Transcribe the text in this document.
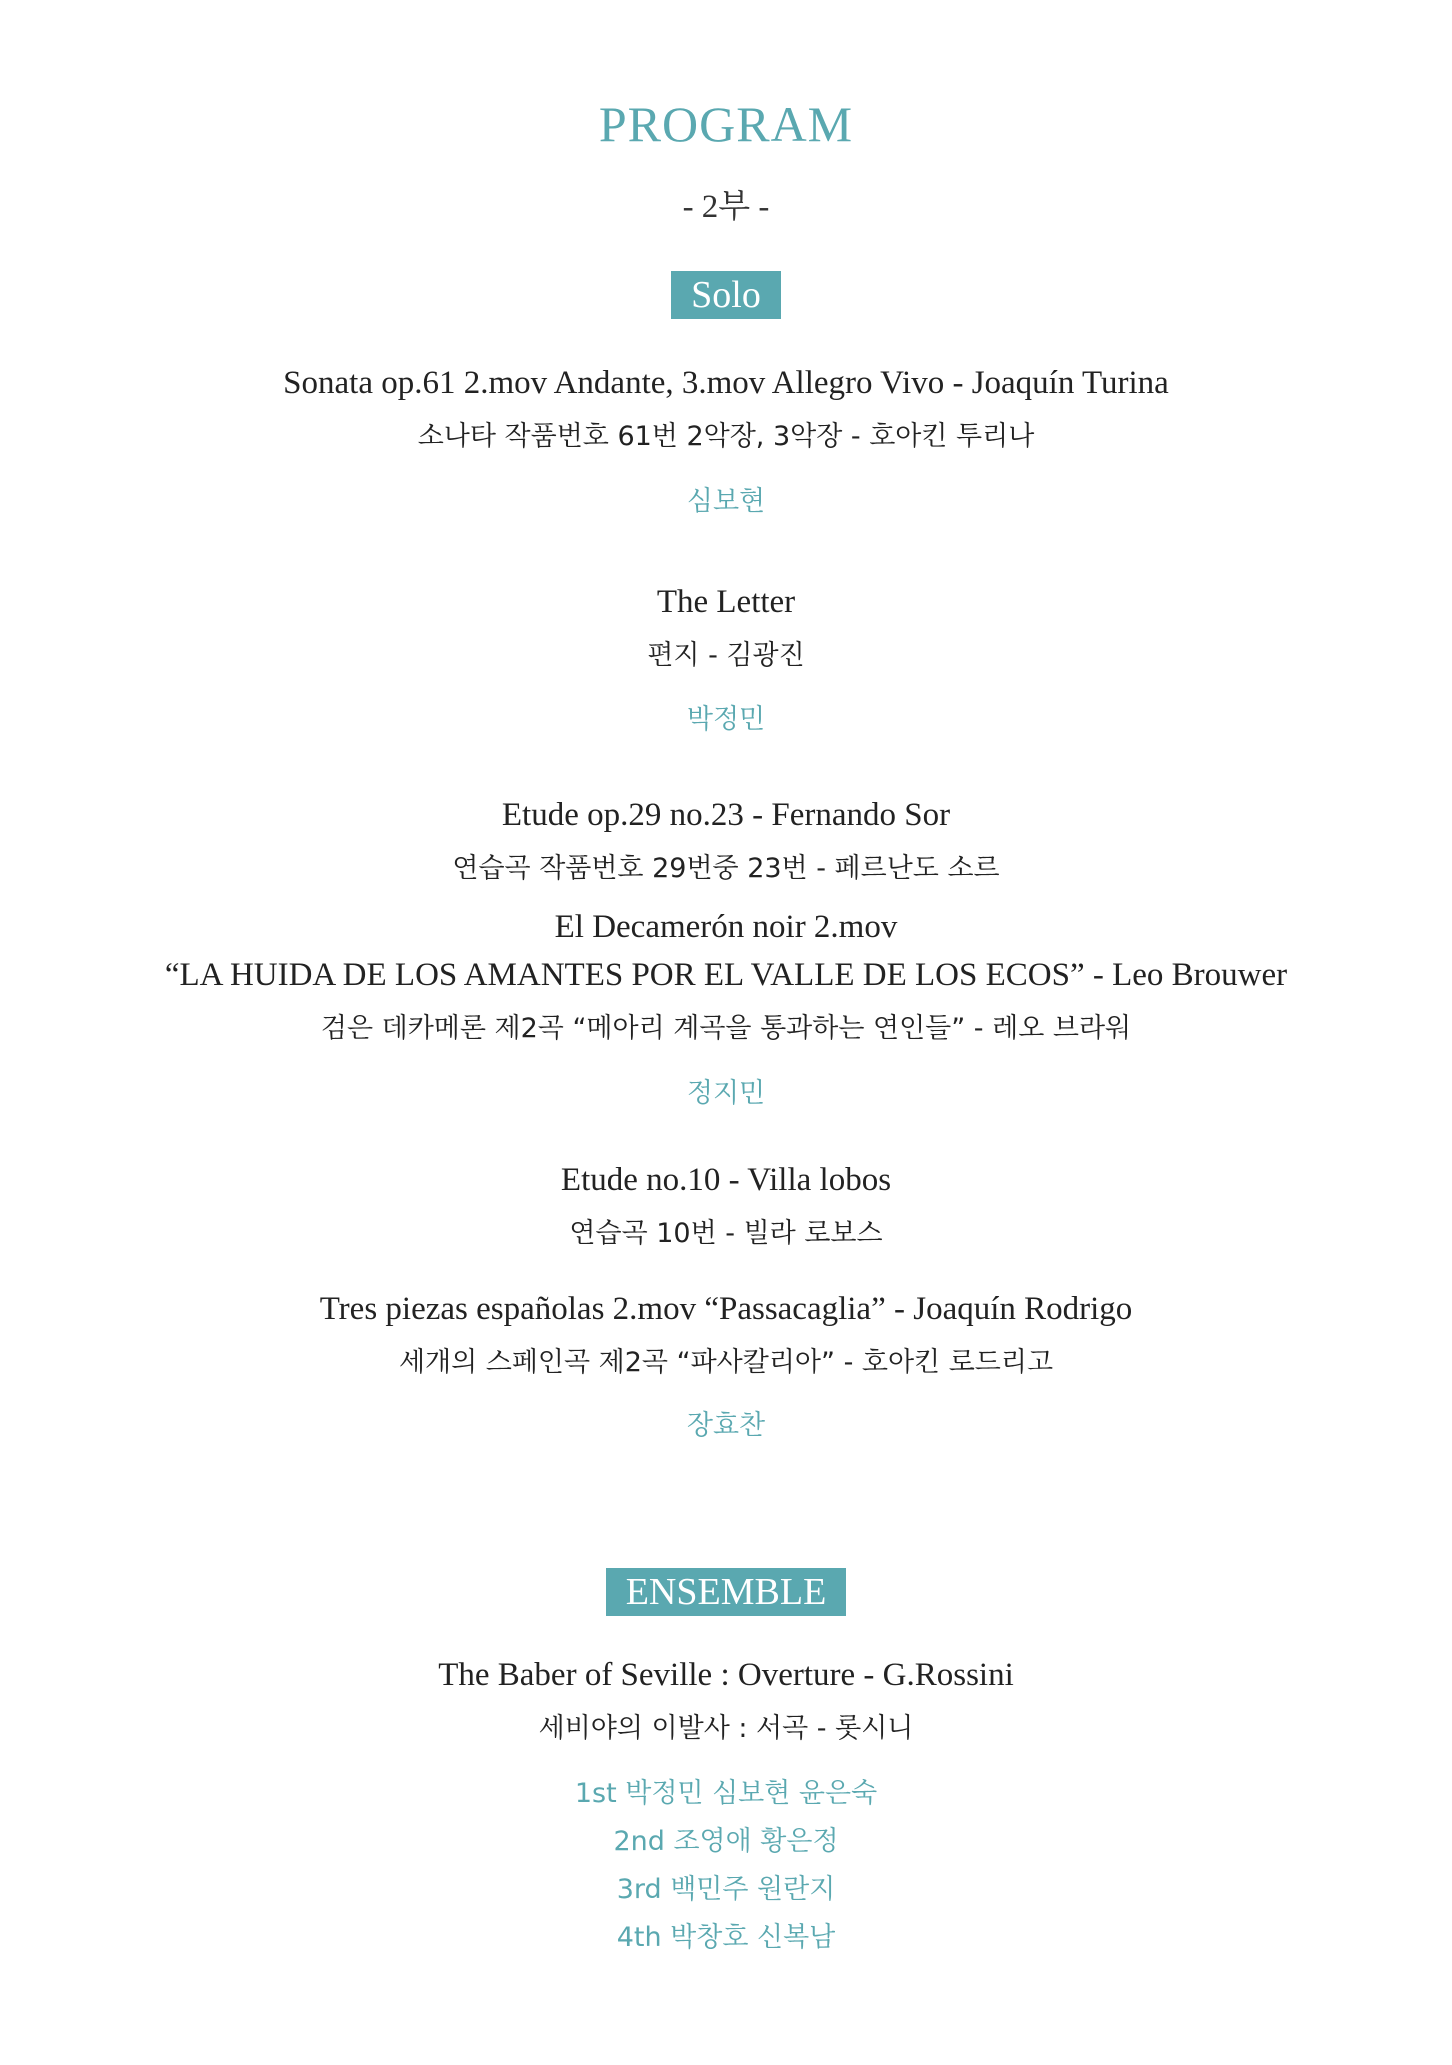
PROGRAM
- 2부 -
Solo
Sonata op.61 2.mov Andante, 3.mov Allegro Vivo - Joaquín Turina
소나타 작품번호 61번 2악장, 3악장 - 호아킨 투리나
심보현
The Letter
편지 - 김광진
박정민
Etude op.29 no.23 - Fernando Sor
연습곡 작품번호 29번중 23번 - 페르난도 소르
El Decamerón noir 2.mov
“LA HUIDA DE LOS AMANTES POR EL VALLE DE LOS ECOS” - Leo Brouwer
검은 데카메론 제2곡 “메아리 계곡을 통과하는 연인들” - 레오 브라워
정지민
Etude no.10 - Villa lobos
연습곡 10번 - 빌라 로보스
Tres piezas españolas 2.mov “Passacaglia” - Joaquín Rodrigo
세개의 스페인곡 제2곡 “파사칼리아” - 호아킨 로드리고
장효찬
ENSEMBLE
The Baber of Seville : Overture - G.Rossini
세비야의 이발사 : 서곡 - 롯시니
1st 박정민 심보현 윤은숙
2nd 조영애 황은정
3rd 백민주 원란지
4th 박창호 신복남
